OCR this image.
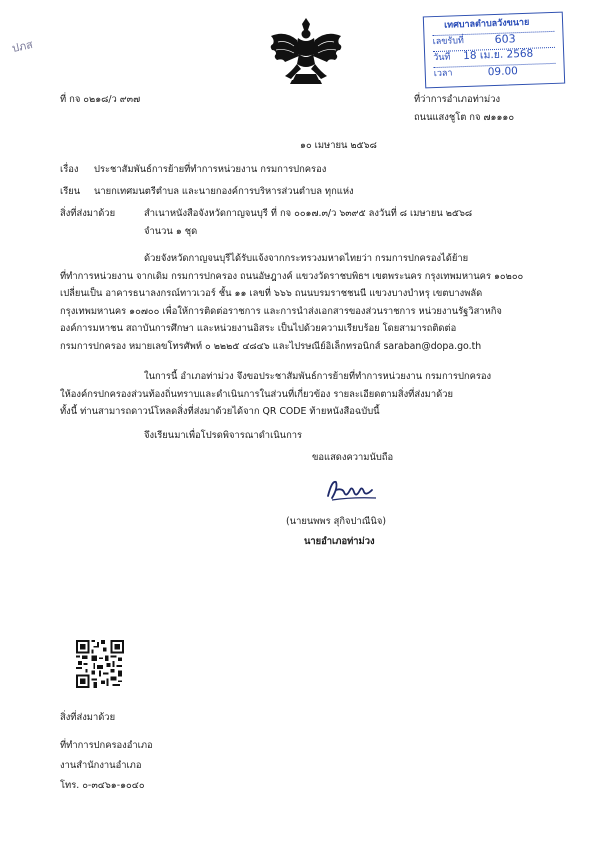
ปภส
เทศบาลตำบลวังขนาย
เลขรับที่	603
วันที่ 18 เม.ย. 2568
เวลา	09.00
ที่ กจ ๐๒๑๘/ว ๙๓๗	ที่ว่าการอำเภอท่าม่วง
ถนนแสงชูโต กจ ๗๑๑๑๐
๑๐ เมษายน ๒๕๖๘
เรื่อง ประชาสัมพันธ์การย้ายที่ทำการหน่วยงาน กรมการปกครอง
เรียน นายกเทศมนตรีตำบล และนายกองค์การบริหารส่วนตำบล ทุกแห่ง
สิ่งที่ส่งมาด้วย	สำเนาหนังสือจังหวัดกาญจนบุรี ที่ กจ ๐๐๑๗.๓/ว ๖๓๙๕ ลงวันที่ ๘ เมษายน ๒๕๖๘
จำนวน ๑ ชุด
ด้วยจังหวัดกาญจนบุรีได้รับแจ้งจากกระทรวงมหาดไทยว่า กรมการปกครองได้ย้าย
ที่ทำการหน่วยงาน จากเดิม กรมการปกครอง ถนนอัษฎางค์ แขวงวัดราชบพิธฯ เขตพระนคร กรุงเทพมหานคร ๑๐๒๐๐
เปลี่ยนเป็น อาคารธนาลงกรณ์ทาวเวอร์ ชั้น ๑๑ เลขที่ ๖๖๖ ถนนบรมราชชนนี แขวงบางบำหรุ เขตบางพลัด
กรุงเทพมหานคร ๑๐๗๐๐ เพื่อให้การติดต่อราชการ และการนำส่งเอกสารของส่วนราชการ หน่วยงานรัฐวิสาหกิจ
องค์การมหาชน สถาบันการศึกษา และหน่วยงานอิสระ เป็นไปด้วยความเรียบร้อย โดยสามารถติดต่อ
กรมการปกครอง หมายเลขโทรศัพท์ ๐ ๒๒๒๕ ๔๘๔๖ และไปรษณีย์อิเล็กทรอนิกส์ saraban@dopa.go.th
ในการนี้ อำเภอท่าม่วง จึงขอประชาสัมพันธ์การย้ายที่ทำการหน่วยงาน กรมการปกครอง
ให้องค์กรปกครองส่วนท้องถิ่นทราบและดำเนินการในส่วนที่เกี่ยวข้อง รายละเอียดตามสิ่งที่ส่งมาด้วย
ทั้งนี้ ท่านสามารถดาวน์โหลดสิ่งที่ส่งมาด้วยได้จาก QR CODE ท้ายหนังสือฉบับนี้
จึงเรียนมาเพื่อโปรดพิจารณาดำเนินการ
ขอแสดงความนับถือ
(นายนพพร สุกิจปาณีนิจ)
นายอำเภอท่าม่วง
สิ่งที่ส่งมาด้วย
ที่ทำการปกครองอำเภอ
งานสำนักงานอำเภอ
โทร. ๐-๓๔๖๑-๑๐๔๐
